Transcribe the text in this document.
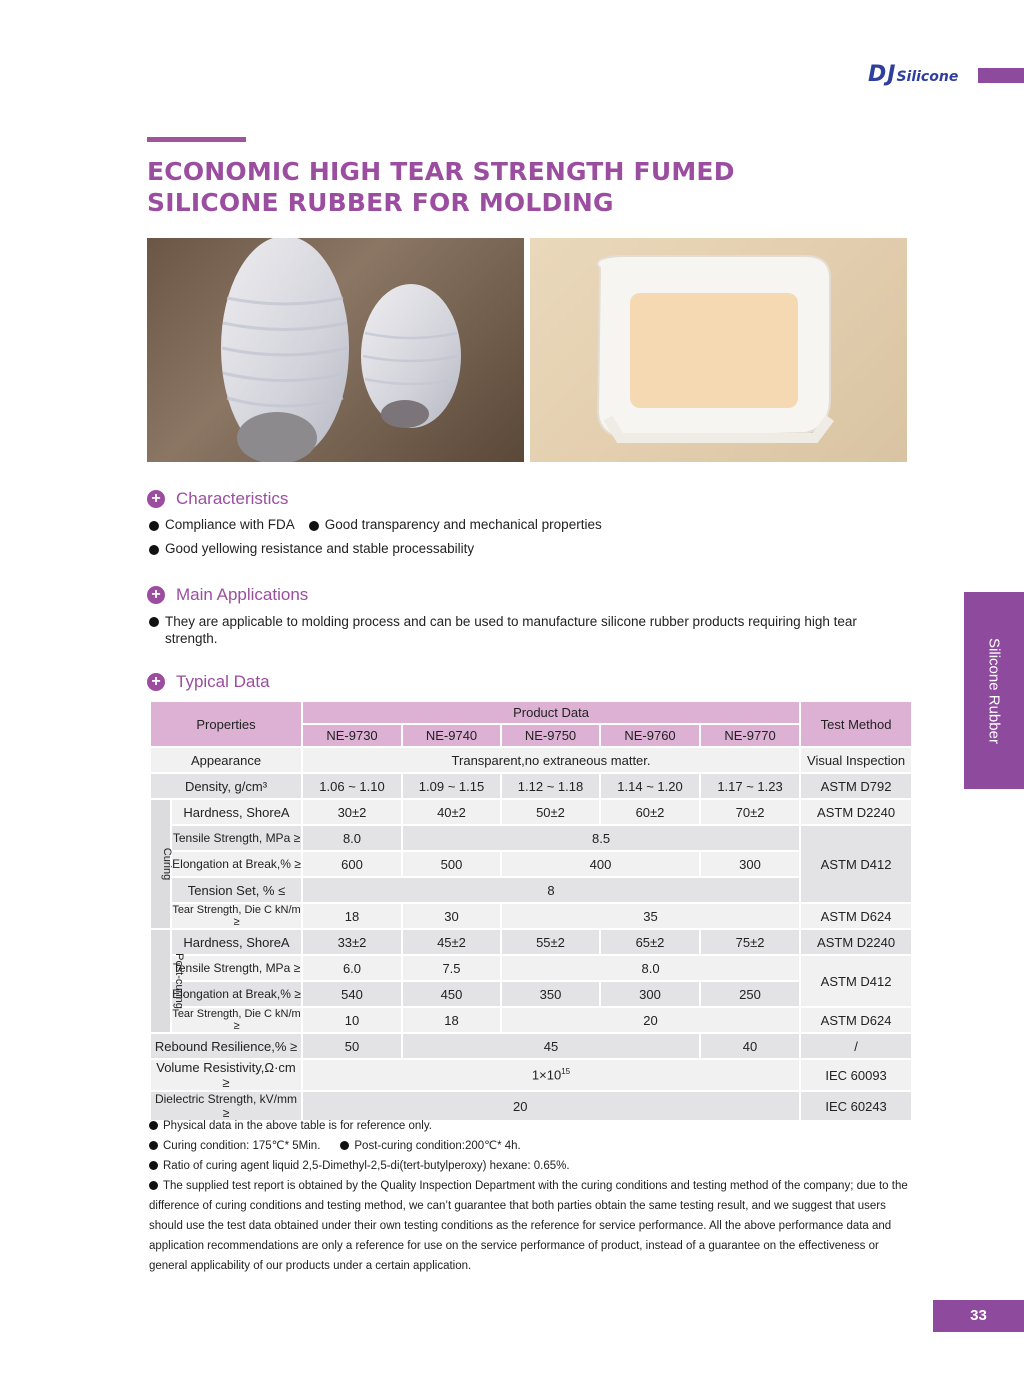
DJSilicone
ECONOMIC HIGH TEAR STRENGTH FUMED
SILICONE RUBBER FOR MOLDING
Silicone Rubber
+ Characteristics
Compliance with FDA Good transparency and mechanical properties
Good yellowing resistance and stable processability
+ Main Applications
They are applicable to molding process and can be used to manufacture silicone rubber products requiring high tear strength.
+ Typical Data
Properties		Product Data					Test Method
		NE-9730	NE-9740	NE-9750	NE-9760	NE-9770	
Appearance		Transparent,no extraneous matter.					Visual Inspection
Density, g/cm³		1.06 ~ 1.10	1.09 ~ 1.15	1.12 ~ 1.18	1.14 ~ 1.20	1.17 ~ 1.23	ASTM D792
Curing	Hardness, ShoreA	30±2	40±2	50±2	60±2	70±2	ASTM D2240
	Tensile Strength, MPa ≥	8.0	8.5				ASTM D412
	Elongation at Break,% ≥	600	500	400		300	
	Tension Set, % ≤	8					
	Tear Strength, Die C kN/m ≥	18	30	35			ASTM D624
Post-curing	Hardness, ShoreA	33±2	45±2	55±2	65±2	75±2	ASTM D2240
	Tensile Strength, MPa ≥	6.0	7.5	8.0			ASTM D412
	Elongation at Break,% ≥	540	450	350	300	250	
	Tear Strength, Die C kN/m ≥	10	18	20			ASTM D624
Rebound Resilience,% ≥		50	45			40	/
Volume Resistivity,Ω·cm ≥		$1\times 10^{15}$					IEC 60093
Dielectric Strength, kV/mm ≥		20					IEC 60243
Physical data in the above table is for reference only.
Curing condition: 175℃* 5Min.	Post-curing condition:200℃* 4h.
Ratio of curing agent liquid 2,5-Dimethyl-2,5-di(tert-butylperoxy) hexane: 0.65%.
The supplied test report is obtained by the Quality Inspection Department with the curing conditions and testing method of the company; due to the difference of curing conditions and testing method, we can’t guarantee that both parties obtain the same testing result, and we suggest that users should use the test data obtained under their own testing conditions as the reference for service performance. All the above performance data and application recommendations are only a reference for use on the service performance of product, instead of a guarantee on the effectiveness or general applicability of our products under a certain application.
33
